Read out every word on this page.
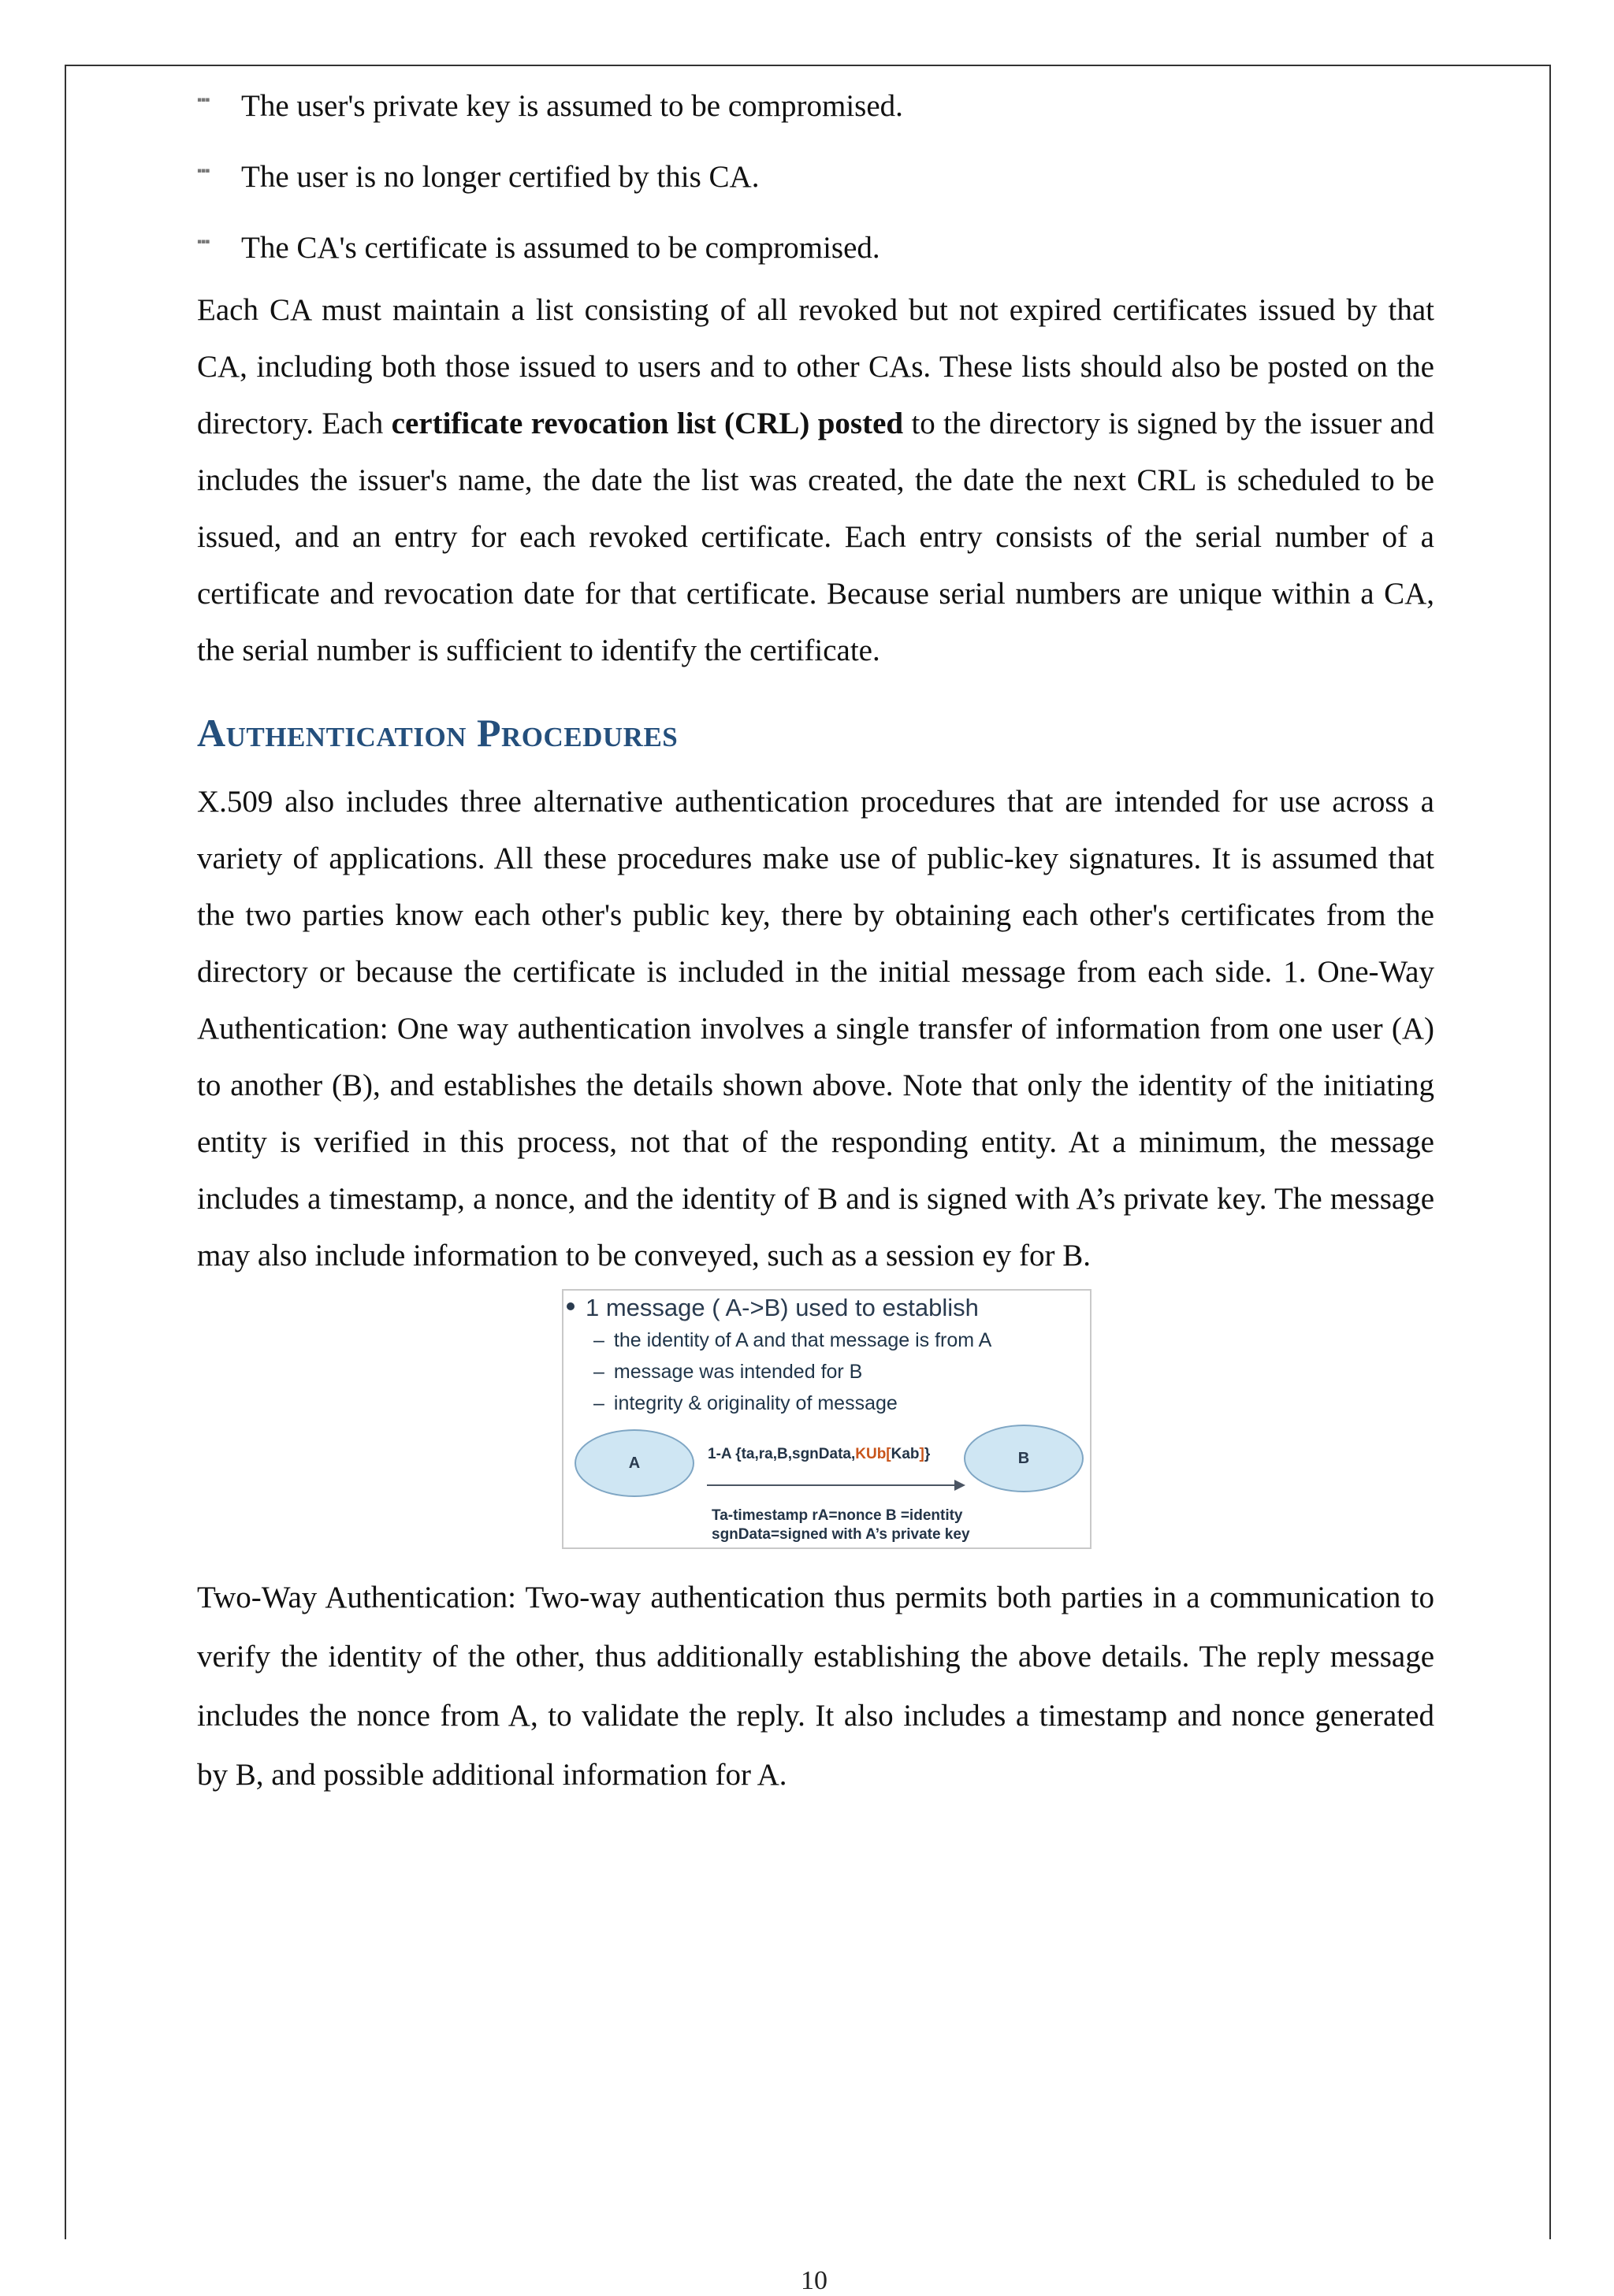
▪▪▪ The user's private key is assumed to be compromised.
▪▪▪ The user is no longer certified by this CA.
▪▪▪ The CA's certificate is assumed to be compromised.

Each CA must maintain a list consisting of all revoked but not expired certificates issued by that CA, including both those issued to users and to other CAs. These lists should also be posted on the directory. Each certificate revocation list (CRL) posted to the directory is signed by the issuer and includes the issuer's name, the date the list was created, the date the next CRL is scheduled to be issued, and an entry for each revoked certificate. Each entry consists of the serial number of a certificate and revocation date for that certificate. Because serial numbers are unique within a CA, the serial number is sufficient to identify the certificate.

Authentication Procedures

X.509 also includes three alternative authentication procedures that are intended for use across a variety of applications. All these procedures make use of public-key signatures. It is assumed that the two parties know each other's public key, there by obtaining each other's certificates from the directory or because the certificate is included in the initial message from each side. 1. One-Way Authentication: One way authentication involves a single transfer of information from one user (A) to another (B), and establishes the details shown above. Note that only the identity of the initiating entity is verified in this process, not that of the responding entity. At a minimum, the message includes a timestamp, a nonce, and the identity of B and is signed with A’s private key. The message may also include information to be conveyed, such as a session ey for B.

1 message ( A->B) used to establish
– the identity of A and that message is from A
– message was intended for B
– integrity & originality of message
A	B
1-A {ta,ra,B,sgnData,KUb[Kab]}
Ta-timestamp rA=nonce B =identity
sgnData=signed with A’s private key

Two-Way Authentication: Two-way authentication thus permits both parties in a communication to verify the identity of the other, thus additionally establishing the above details. The reply message includes the nonce from A, to validate the reply. It also includes a timestamp and nonce generated by B, and possible additional information for A.

10
